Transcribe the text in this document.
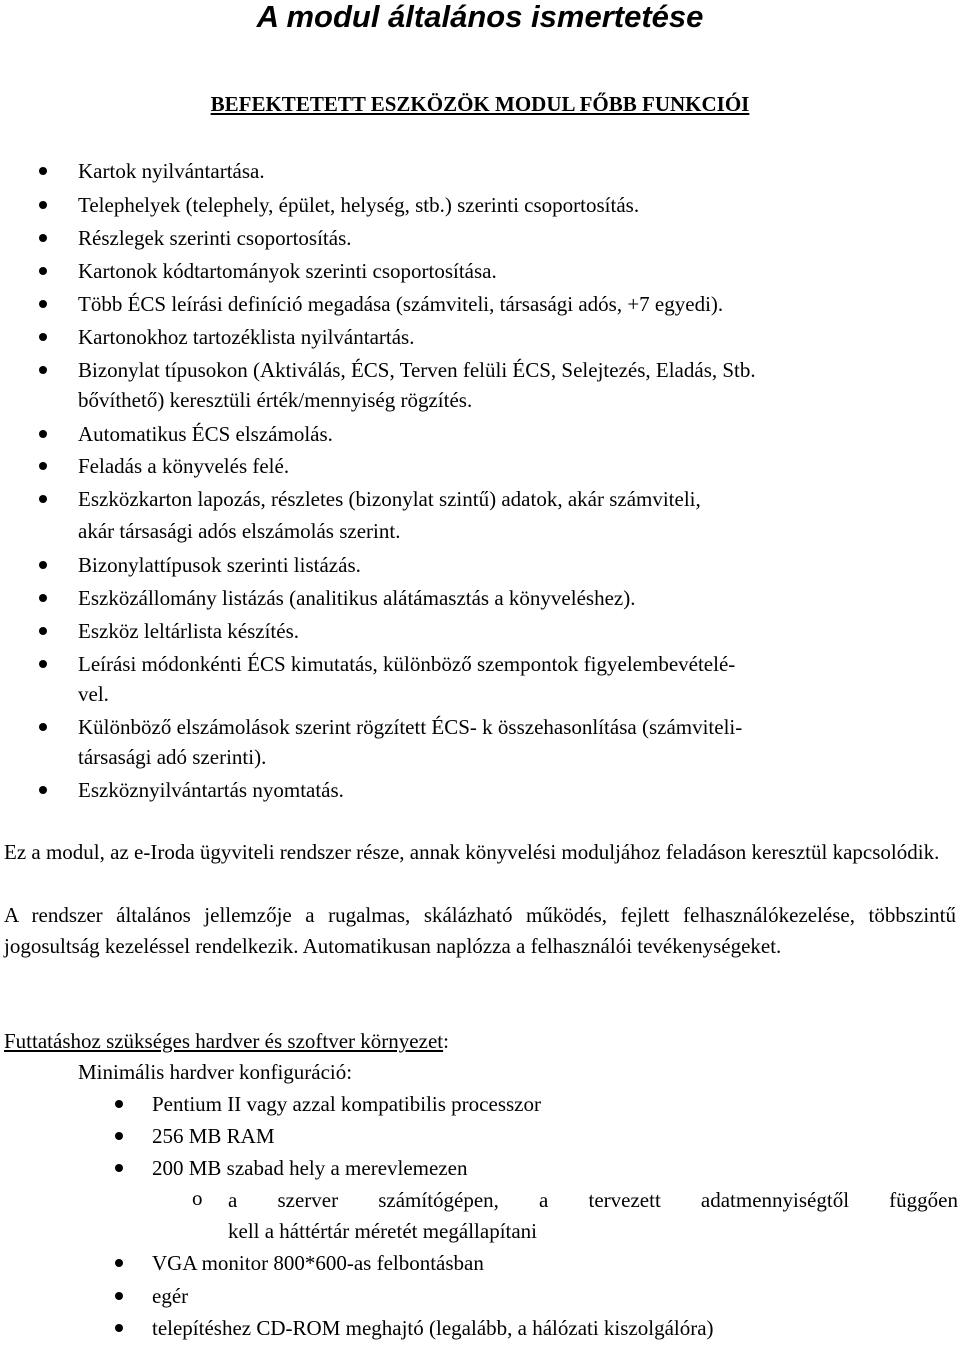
A modul általános ismertetése
BEFEKTETETT ESZKÖZÖK MODUL FŐBB FUNKCIÓI
Kartok nyilvántartása.
Telephelyek (telephely, épület, helység, stb.) szerinti csoportosítás.
Részlegek szerinti csoportosítás.
Kartonok kódtartományok szerinti csoportosítása.
Több ÉCS leírási definíció megadása (számviteli, társasági adós, +7 egyedi).
Kartonokhoz tartozéklista nyilvántartás.
Bizonylat típusokon (Aktiválás, ÉCS, Terven felüli ÉCS, Selejtezés, Eladás, Stb.
bővíthető) keresztüli érték/mennyiség rögzítés.
Automatikus ÉCS elszámolás.
Feladás a könyvelés felé.
Eszközkarton lapozás, részletes (bizonylat szintű) adatok, akár számviteli,
akár társasági adós elszámolás szerint.
Bizonylattípusok szerinti listázás.
Eszközállomány listázás (analitikus alátámasztás a könyveléshez).
Eszköz leltárlista készítés.
Leírási módonkénti ÉCS kimutatás, különböző szempontok figyelembevételé-
vel.
Különböző elszámolások szerint rögzített ÉCS- k összehasonlítása (számviteli-
társasági adó szerinti).
Eszköznyilvántartás nyomtatás.

Ez a modul, az e-Iroda ügyviteli rendszer része, annak könyvelési moduljához feladáson keresztül kapcsolódik.

A rendszer általános jellemzője a rugalmas, skálázható működés, fejlett felhasználókezelése, többszintű jogosultság kezeléssel rendelkezik. Automatikusan naplózza a felhasználói tevékenységeket.

Futtatáshoz szükséges hardver és szoftver környezet:
Minimális hardver konfiguráció:
Pentium II vagy azzal kompatibilis processzor
256 MB RAM
200 MB szabad hely a merevlemezen
o a szerver számítógépen, a tervezett adatmennyiségtől függően
kell a háttértár méretét megállapítani
VGA monitor 800*600-as felbontásban
egér
telepítéshez CD-ROM meghajtó (legalább, a hálózati kiszolgálóra)
